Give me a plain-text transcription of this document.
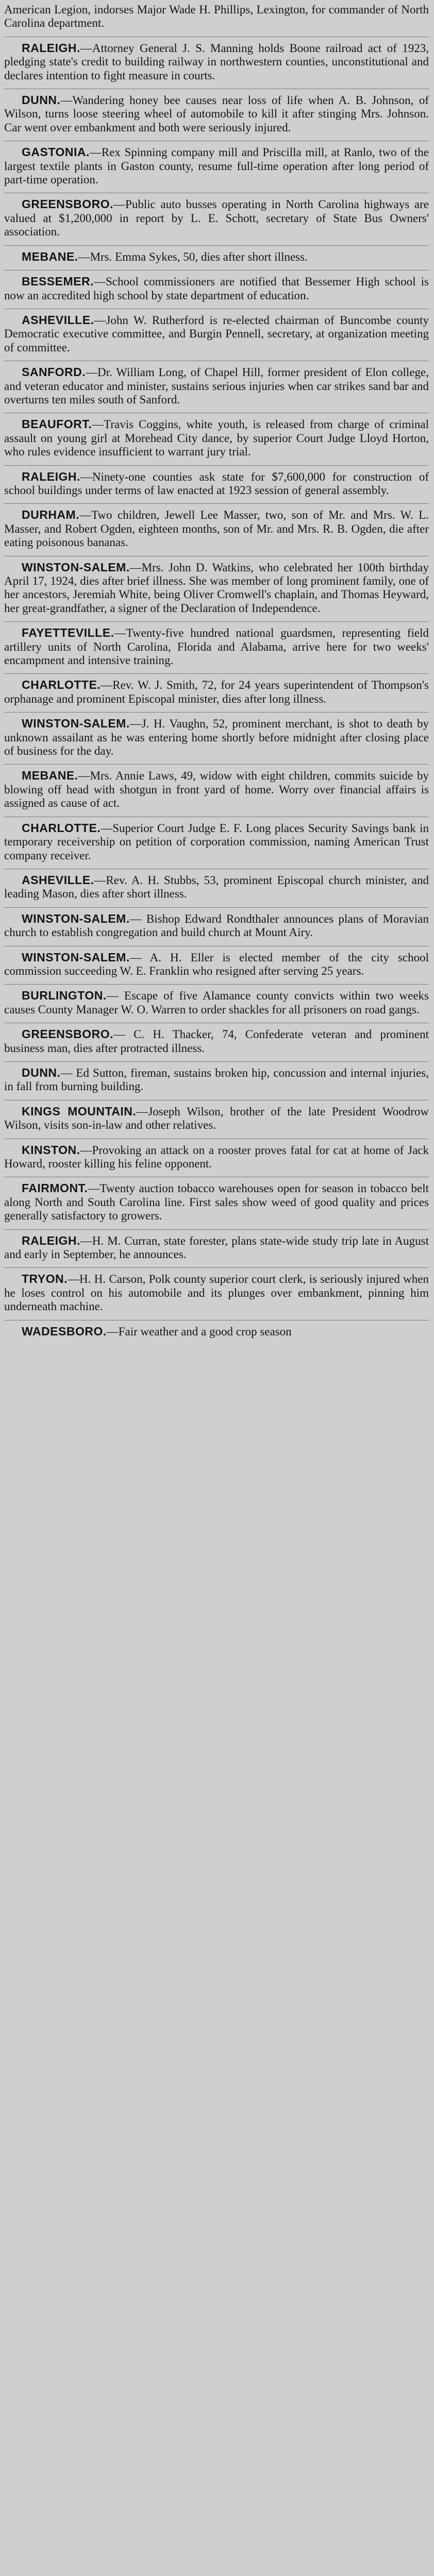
American Legion, indorses Major Wade H. Phillips, Lexington, for commander of North Carolina department.

RALEIGH.—Attorney General J. S. Manning holds Boone railroad act of 1923, pledging state's credit to building railway in northwestern counties, unconstitutional and declares intention to fight measure in courts.

DUNN.—Wandering honey bee causes near loss of life when A. B. Johnson, of Wilson, turns loose steering wheel of automobile to kill it after stinging Mrs. Johnson. Car went over embankment and both were seriously injured.

GASTONIA.—Rex Spinning company mill and Priscilla mill, at Ranlo, two of the largest textile plants in Gaston county, resume full-time operation after long period of part-time operation.

GREENSBORO.—Public auto busses operating in North Carolina highways are valued at $1,200,000 in report by L. E. Schott, secretary of State Bus Owners' association.

MEBANE.—Mrs. Emma Sykes, 50, dies after short illness.

BESSEMER.—School commissioners are notified that Bessemer High school is now an accredited high school by state department of education.

ASHEVILLE.—John W. Rutherford is re-elected chairman of Buncombe county Democratic executive committee, and Burgin Pennell, secretary, at organization meeting of committee.

SANFORD.—Dr. William Long, of Chapel Hill, former president of Elon college, and veteran educator and minister, sustains serious injuries when car strikes sand bar and overturns ten miles south of Sanford.

BEAUFORT.—Travis Coggins, white youth, is released from charge of criminal assault on young girl at Morehead City dance, by superior Court Judge Lloyd Horton, who rules evidence insufficient to warrant jury trial.

RALEIGH.—Ninety-one counties ask state for $7,600,000 for construction of school buildings under terms of law enacted at 1923 session of general assembly.

DURHAM.—Two children, Jewell Lee Masser, two, son of Mr. and Mrs. W. L. Masser, and Robert Ogden, eighteen months, son of Mr. and Mrs. R. B. Ogden, die after eating poisonous bananas.

WINSTON-SALEM.—Mrs. John D. Watkins, who celebrated her 100th birthday April 17, 1924, dies after brief illness. She was member of long prominent family, one of her ancestors, Jeremiah White, being Oliver Cromwell's chaplain, and Thomas Heyward, her great-grandfather, a signer of the Declaration of Independence.

FAYETTEVILLE.—Twenty-five hundred national guardsmen, representing field artillery units of North Carolina, Florida and Alabama, arrive here for two weeks' encampment and intensive training.

CHARLOTTE.—Rev. W. J. Smith, 72, for 24 years superintendent of Thompson's orphanage and prominent Episcopal minister, dies after long illness.

WINSTON-SALEM.—J. H. Vaughn, 52, prominent merchant, is shot to death by unknown assailant as he was entering home shortly before midnight after closing place of business for the day.

MEBANE.—Mrs. Annie Laws, 49, widow with eight children, commits suicide by blowing off head with shotgun in front yard of home. Worry over financial affairs is assigned as cause of act.

CHARLOTTE.—Superior Court Judge E. F. Long places Security Savings bank in temporary receivership on petition of corporation commission, naming American Trust company receiver.

ASHEVILLE.—Rev. A. H. Stubbs, 53, prominent Episcopal church minister, and leading Mason, dies after short illness.

WINSTON-SALEM.— Bishop Edward Rondthaler announces plans of Moravian church to establish congregation and build church at Mount Airy.

WINSTON-SALEM.— A. H. Eller is elected member of the city school commission succeeding W. E. Franklin who resigned after serving 25 years.

BURLINGTON.— Escape of five Alamance county convicts within two weeks causes County Manager W. O. Warren to order shackles for all prisoners on road gangs.

GREENSBORO.— C. H. Thacker, 74, Confederate veteran and prominent business man, dies after protracted illness.

DUNN.— Ed Sutton, fireman, sustains broken hip, concussion and internal injuries, in fall from burning building.

KINGS MOUNTAIN.—Joseph Wilson, brother of the late President Woodrow Wilson, visits son-in-law and other relatives.

KINSTON.—Provoking an attack on a rooster proves fatal for cat at home of Jack Howard, rooster killing his feline opponent.

FAIRMONT.—Twenty auction tobacco warehouses open for season in tobacco belt along North and South Carolina line. First sales show weed of good quality and prices generally satisfactory to growers.

RALEIGH.—H. M. Curran, state forester, plans state-wide study trip late in August and early in September, he announces.

TRYON.—H. H. Carson, Polk county superior court clerk, is seriously injured when he loses control on his automobile and its plunges over embankment, pinning him underneath machine.

WADESBORO.—Fair weather and a good crop season
